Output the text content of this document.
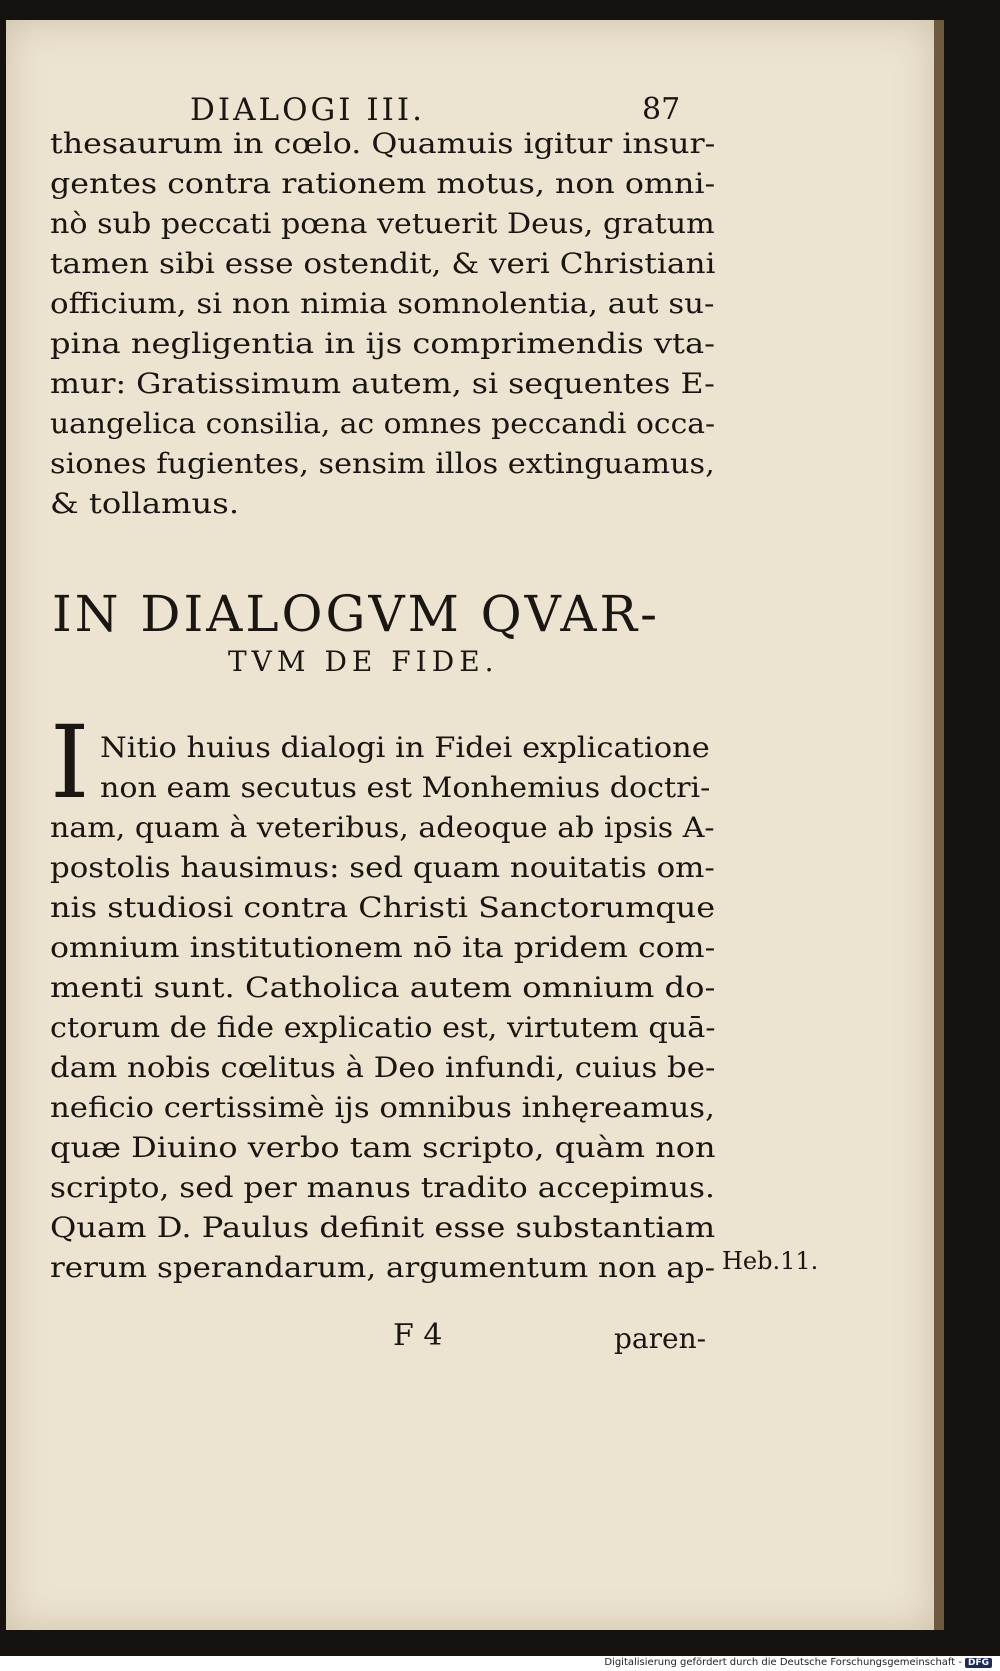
DIALOGI III.	87
thesaurum in cœlo. Quamuis igitur insur-
gentes contra rationem motus, non omni-
nò sub peccati pœna vetuerit Deus, gratum
tamen sibi esse ostendit, & veri Christiani
officium, si non nimia somnolentia, aut su-
pina negligentia in ijs comprimendis vta-
mur: Gratissimum autem, si sequentes E-
uangelica consilia, ac omnes peccandi occa-
siones fugientes, sensim illos extinguamus,
& tollamus.
IN DIALOGVM QVAR-
TVM DE FIDE.
I Nitio huius dialogi in Fidei explicatione
non eam secutus est Monhemius doctri-
nam, quam à veteribus, adeoque ab ipsis A-
postolis hausimus: sed quam nouitatis om-
nis studiosi contra Christi Sanctorumque
omnium institutionem nō ita pridem com-
menti sunt. Catholica autem omnium do-
ctorum de fide explicatio est, virtutem quā-
dam nobis cœlitus à Deo infundi, cuius be-
neficio certissimè ijs omnibus inhęreamus,
quæ Diuino verbo tam scripto, quàm non
scripto, sed per manus tradito accepimus.
Quam D. Paulus definit esse substantiam
rerum sperandarum, argumentum non ap- Heb.11.
F 4	paren-
Digitalisierung gefördert durch die Deutsche Forschungsgemeinschaft - DFG
